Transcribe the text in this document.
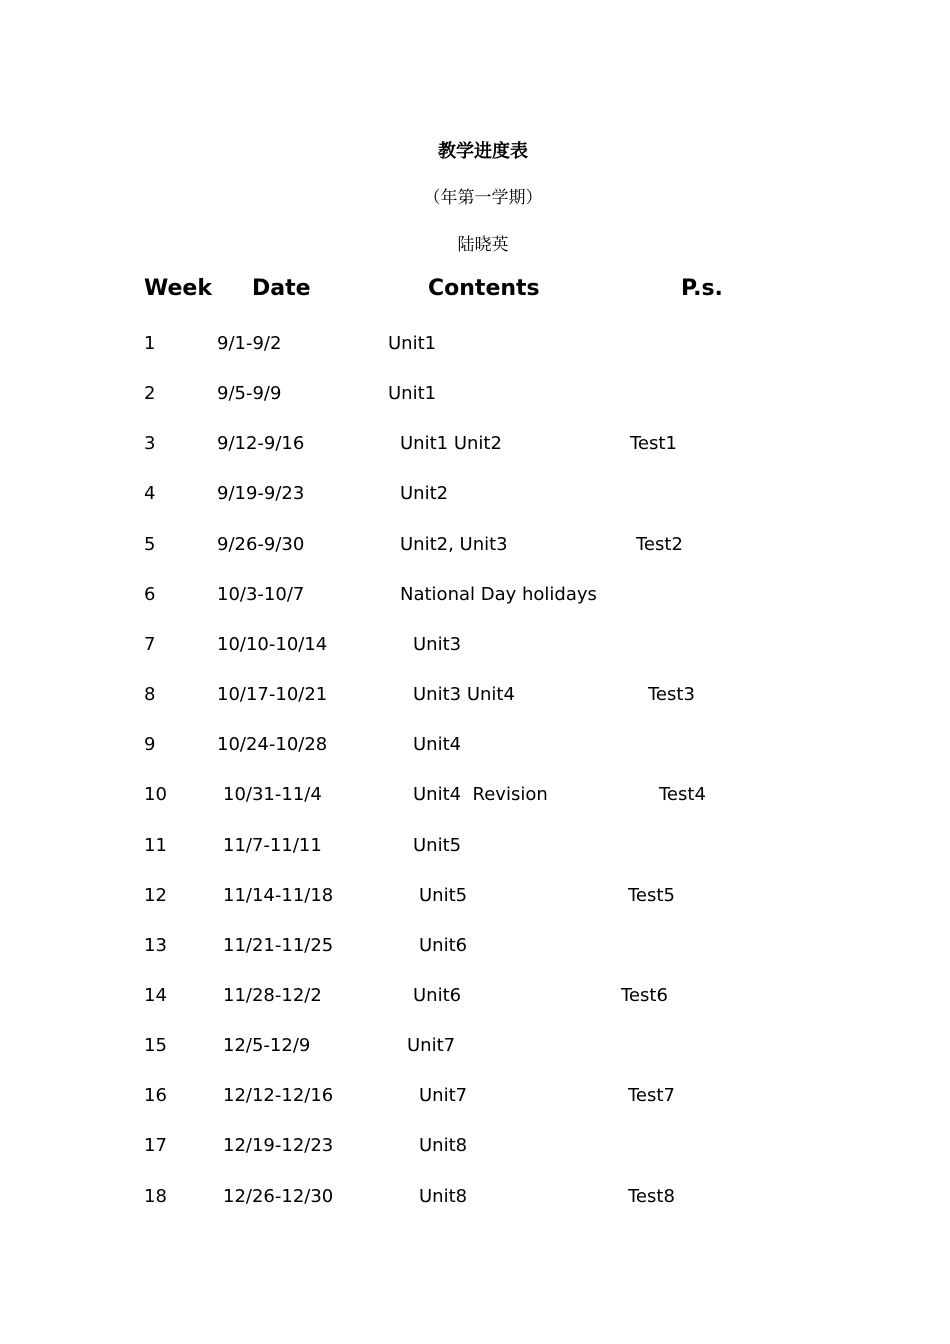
教学进度表
（年第一学期）
陆晓英
Week Date	Contents	P.s.
1	9/1-9/2	Unit1
2	9/5-9/9	Unit1
3	9/12-9/16	Unit1 Unit2	Test1
4	9/19-9/23	Unit2
5	9/26-9/30	Unit2, Unit3	Test2
6	10/3-10/7	National Day holidays
7	10/10-10/14	Unit3
8	10/17-10/21	Unit3 Unit4	Test3
9	10/24-10/28	Unit4
10	10/31-11/4	Unit4  Revision	Test4
11	11/7-11/11	Unit5
12	11/14-11/18	Unit5	Test5
13	11/21-11/25	Unit6
14	11/28-12/2	Unit6	Test6
15	12/5-12/9	Unit7
16	12/12-12/16	Unit7	Test7
17	12/19-12/23	Unit8
18	12/26-12/30	Unit8	Test8
